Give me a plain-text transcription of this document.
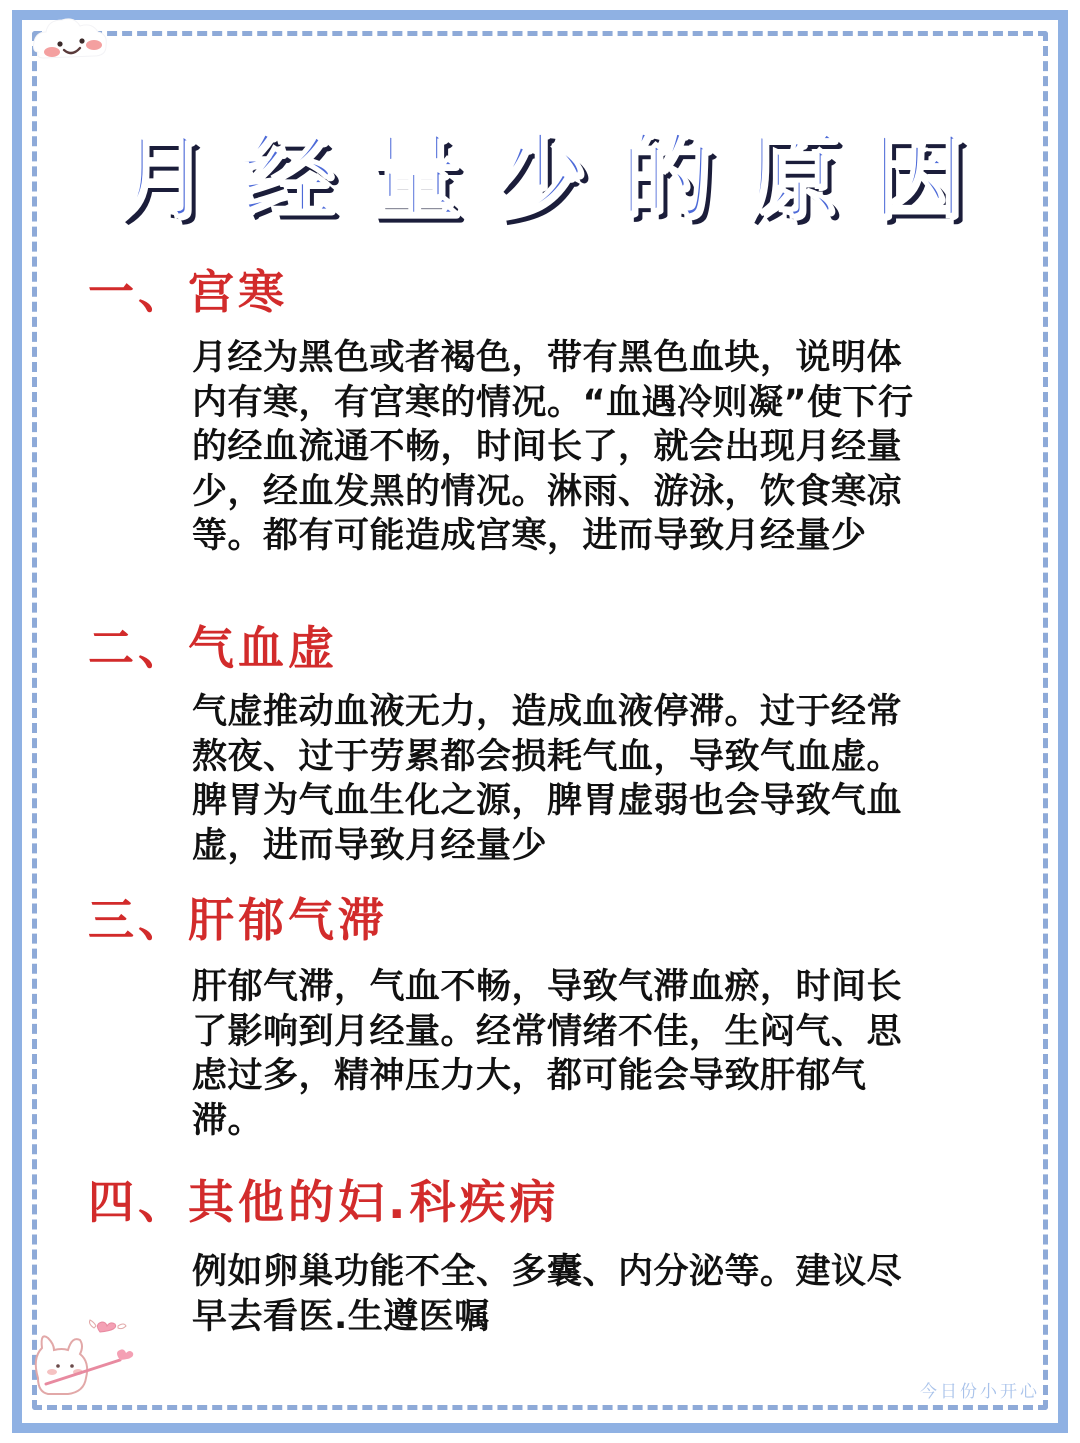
月经量少的原因
一、宫寒
月经为黑色或者褐色，带有黑色血块，说明体内有寒，有宫寒的情况。“血遇冷则凝”使下行的经血流通不畅，时间长了，就会出现月经量少，经血发黑的情况。淋雨、游泳，饮食寒凉等。都有可能造成宫寒，进而导致月经量少
二、气血虚
气虚推动血液无力，造成血液停滞。过于经常熬夜、过于劳累都会损耗气血，导致气血虚。脾胃为气血生化之源，脾胃虚弱也会导致气血虚，进而导致月经量少
三、肝郁气滞
肝郁气滞，气血不畅，导致气滞血瘀，时间长了影响到月经量。经常情绪不佳，生闷气、思虑过多，精神压力大，都可能会导致肝郁气滞。
四、其他的妇.科疾病
例如卵巢功能不全、多囊、内分泌等。建议尽早去看医.生遵医嘱
今日份小开心
